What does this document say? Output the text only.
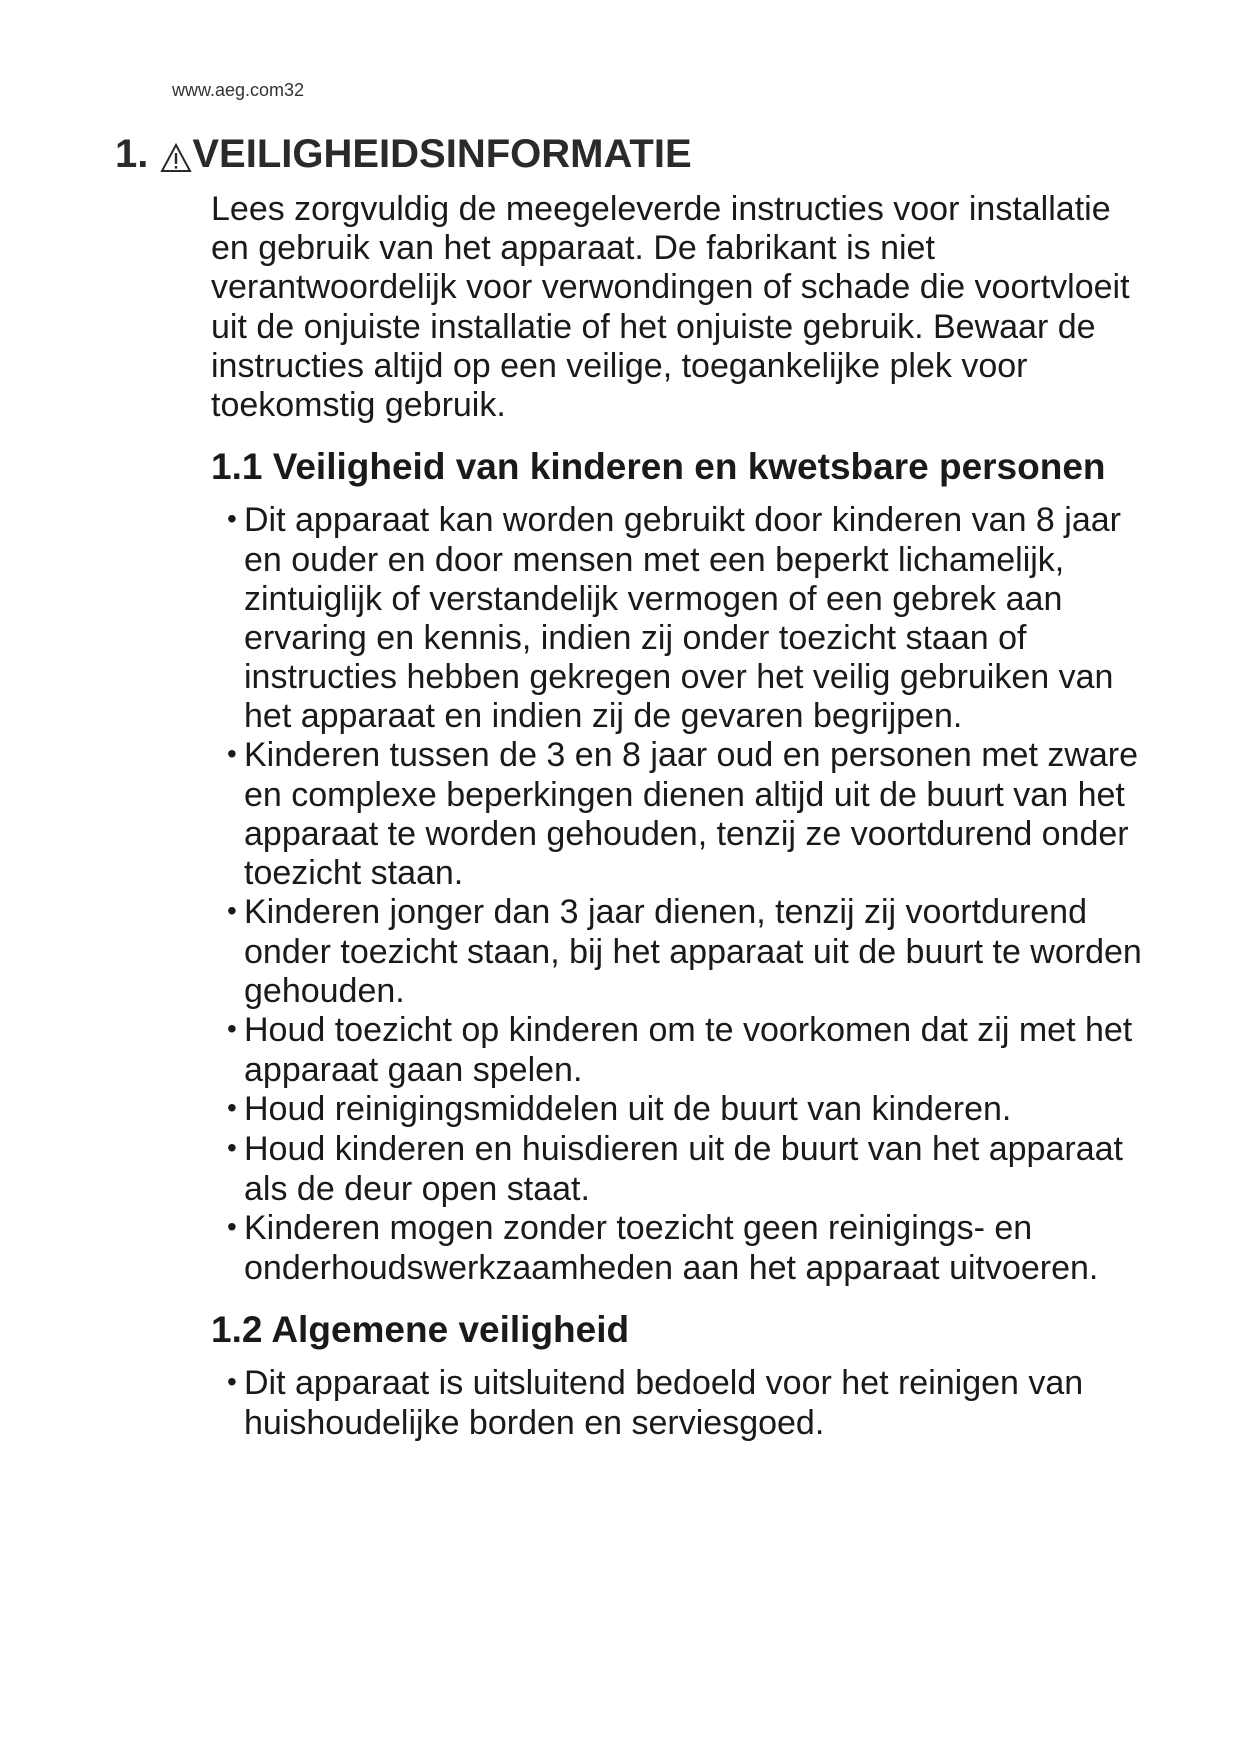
www.aeg.com32
1. VEILIGHEIDSINFORMATIE

Lees zorgvuldig de meegeleverde instructies voor installatie en gebruik van het apparaat. De fabrikant is niet verantwoordelijk voor verwondingen of schade die voortvloeit uit de onjuiste installatie of het onjuiste gebruik. Bewaar de instructies altijd op een veilige, toegankelijke plek voor toekomstig gebruik.

1.1 Veiligheid van kinderen en kwetsbare personen
• Dit apparaat kan worden gebruikt door kinderen van 8 jaar en ouder en door mensen met een beperkt lichamelijk, zintuiglijk of verstandelijk vermogen of een gebrek aan ervaring en kennis, indien zij onder toezicht staan of instructies hebben gekregen over het veilig gebruiken van het apparaat en indien zij de gevaren begrijpen.
• Kinderen tussen de 3 en 8 jaar oud en personen met zware en complexe beperkingen dienen altijd uit de buurt van het apparaat te worden gehouden, tenzij ze voortdurend onder toezicht staan.
• Kinderen jonger dan 3 jaar dienen, tenzij zij voortdurend onder toezicht staan, bij het apparaat uit de buurt te worden gehouden.
• Houd toezicht op kinderen om te voorkomen dat zij met het apparaat gaan spelen.
• Houd reinigingsmiddelen uit de buurt van kinderen.
• Houd kinderen en huisdieren uit de buurt van het apparaat als de deur open staat.
• Kinderen mogen zonder toezicht geen reinigings- en onderhoudswerkzaamheden aan het apparaat uitvoeren.
1.2 Algemene veiligheid
• Dit apparaat is uitsluitend bedoeld voor het reinigen van huishoudelijke borden en serviesgoed.
